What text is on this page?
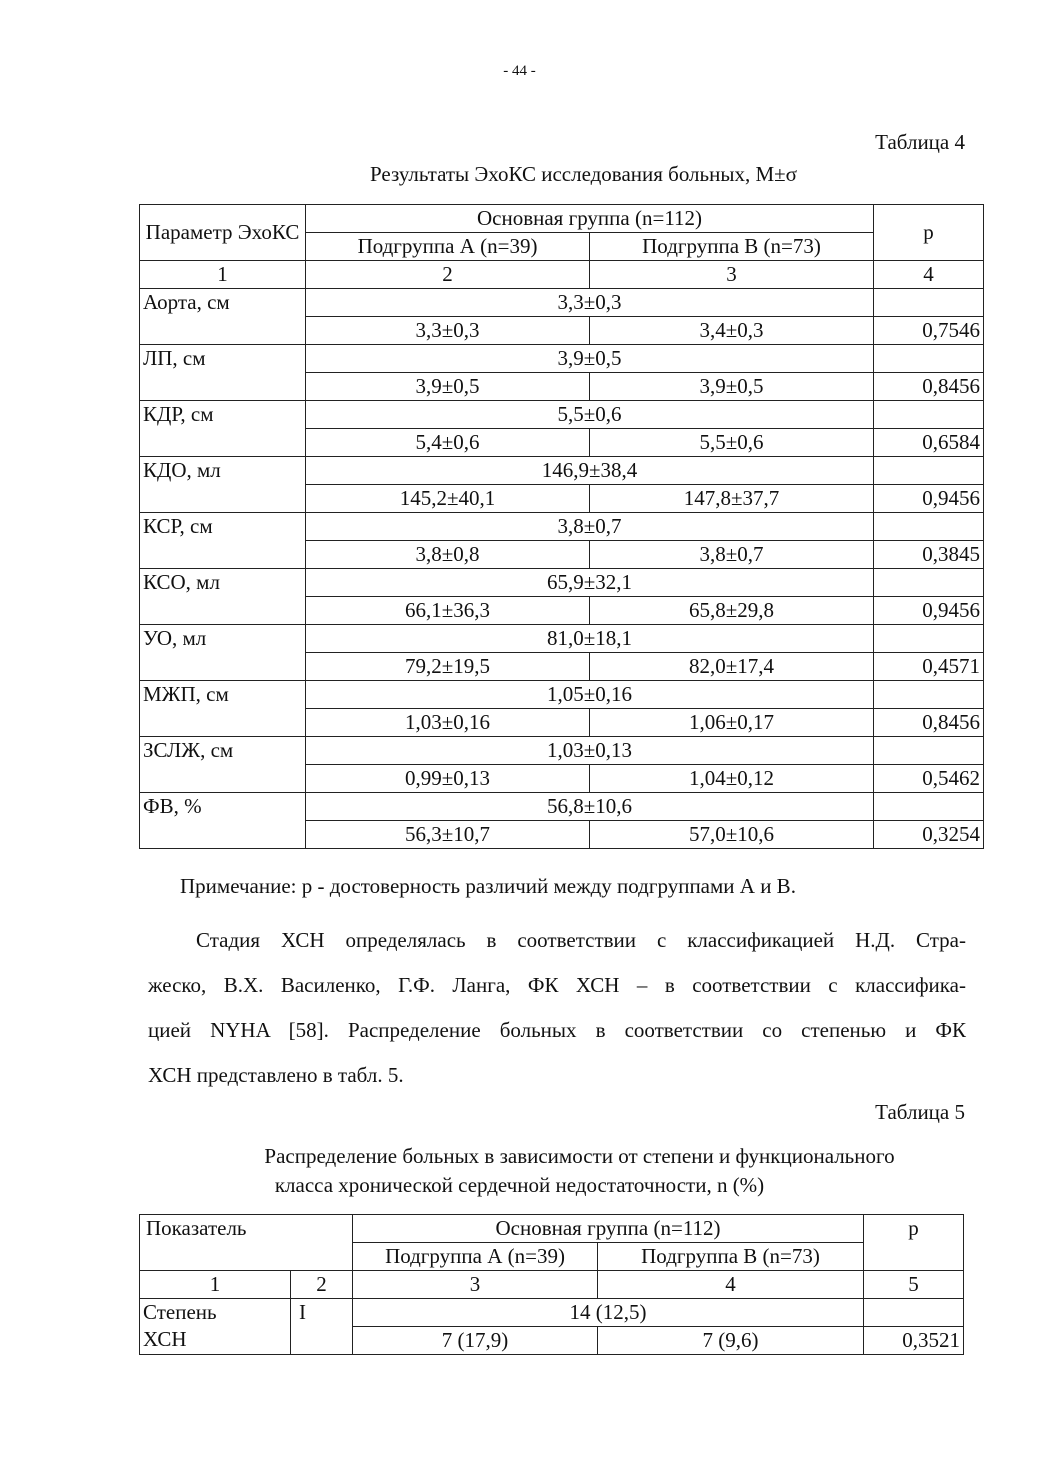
- 44 -
Таблица 4
Результаты ЭхоКС исследования больных, М±σ
Параметр ЭхоКС	Основная группа (n=112)		р
	Подгруппа А (n=39)	Подгруппа В (n=73)	
1	2	3	4
Аорта, см	3,3±0,3		
	3,3±0,3	3,4±0,3	0,7546
ЛП, см	3,9±0,5		
	3,9±0,5	3,9±0,5	0,8456
КДР, см	5,5±0,6		
	5,4±0,6	5,5±0,6	0,6584
КДО, мл	146,9±38,4		
	145,2±40,1	147,8±37,7	0,9456
КСР, см	3,8±0,7		
	3,8±0,8	3,8±0,7	0,3845
КСО, мл	65,9±32,1		
	66,1±36,3	65,8±29,8	0,9456
УО, мл	81,0±18,1		
	79,2±19,5	82,0±17,4	0,4571
МЖП, см	1,05±0,16		
	1,03±0,16	1,06±0,17	0,8456
ЗСЛЖ, см	1,03±0,13		
	0,99±0,13	1,04±0,12	0,5462
ФВ, %	56,8±10,6		
	56,3±10,7	57,0±10,6	0,3254
Примечание: р - достоверность различий между подгруппами А и В.
Стадия ХСН определялась в соответствии с классификацией Н.Д. Стра-
жеско, В.Х. Василенко, Г.Ф. Ланга, ФК ХСН – в соответствии с классифика-
цией NYHA [58]. Распределение больных в соответствии со степенью и ФК
ХСН представлено в табл. 5.
Таблица 5
Распределение больных в зависимости от степени и функционального
класса хронической сердечной недостаточности, n (%)
Показатель		Основная группа (n=112)		р
		Подгруппа А (n=39)	Подгруппа В (n=73)	
1	2	3	4	5

Степень
ХСН	I	14 (12,5)		
		7 (17,9)	7 (9,6)	0,3521
